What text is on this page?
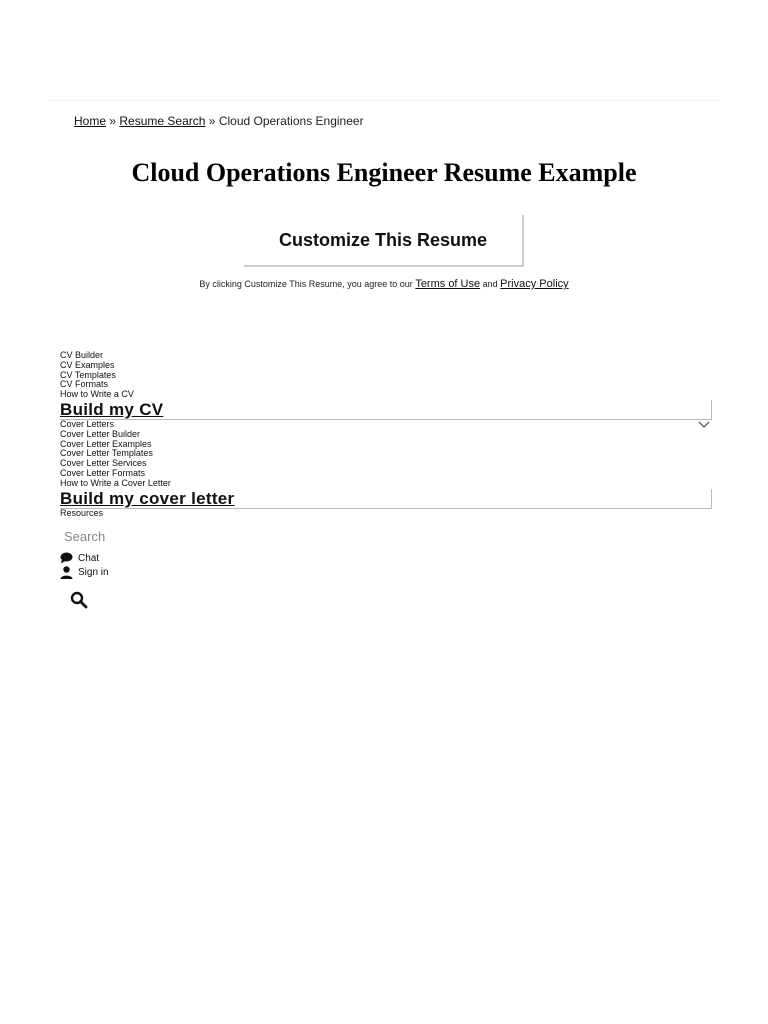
Home » Resume Search » Cloud Operations Engineer
Cloud Operations Engineer Resume Example
Customize This Resume
By clicking Customize This Resume, you agree to our Terms of Use and Privacy Policy
CV Builder
CV Examples
CV Templates
CV Formats
How to Write a CV
Build my CV
Cover Letters
Cover Letter Builder
Cover Letter Examples
Cover Letter Templates
Cover Letter Services
Cover Letter Formats
How to Write a Cover Letter
Build my cover letter
Resources
Search
Chat
Sign in
